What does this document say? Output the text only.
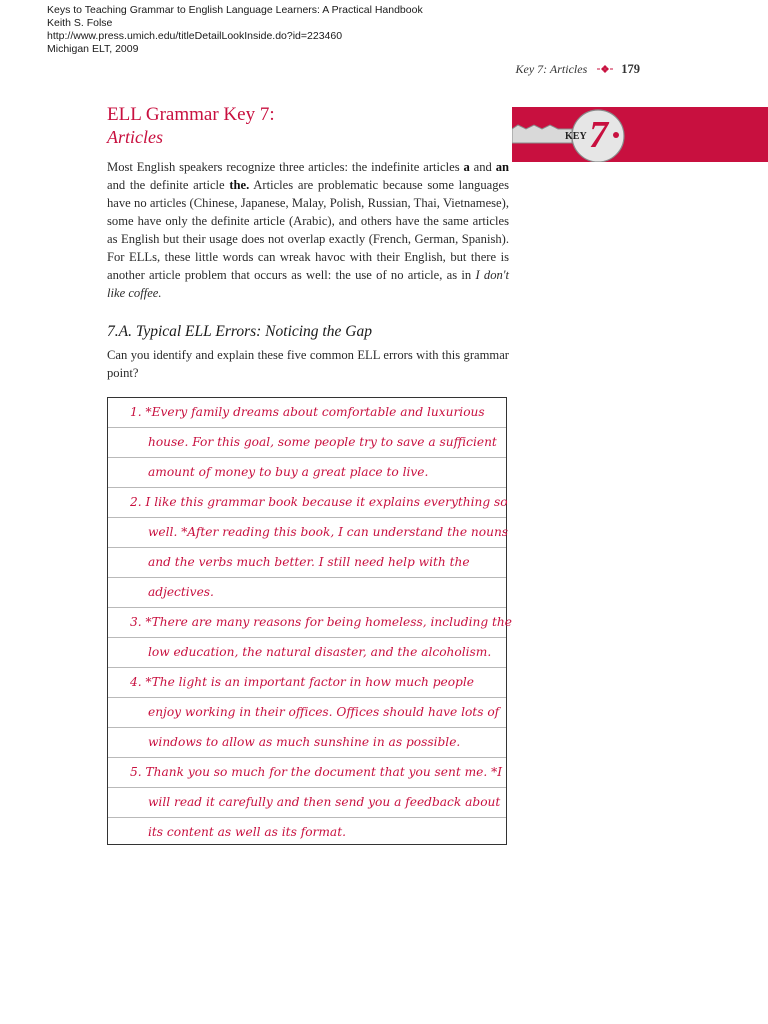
Keys to Teaching Grammar to English Language Learners: A Practical Handbook
Keith S. Folse
http://www.press.umich.edu/titleDetailLookInside.do?id=223460
Michigan ELT, 2009
Key 7: Articles	179
KEY 7
ELL Grammar Key 7:
Articles
Most English speakers recognize three articles: the indefinite articles a and an and the definite article the. Articles are problematic because some languages have no articles (Chinese, Japanese, Malay, Polish, Russian, Thai, Vietnamese), some have only the definite article (Arabic), and others have the same articles as English but their usage does not overlap exactly (French, German, Spanish). For ELLs, these little words can wreak havoc with their English, but there is another article problem that occurs as well: the use of no article, as in I don't like coffee.
7.A. Typical ELL Errors: Noticing the Gap
Can you identify and explain these five common ELL errors with this grammar point?
1. *Every family dreams about comfortable and luxurious
house. For this goal, some people try to save a sufficient
amount of money to buy a great place to live.
2. I like this grammar book because it explains everything so
well. *After reading this book, I can understand the nouns
and the verbs much better. I still need help with the
adjectives.
3. *There are many reasons for being homeless, including the
low education, the natural disaster, and the alcoholism.
4. *The light is an important factor in how much people
enjoy working in their offices. Offices should have lots of
windows to allow as much sunshine in as possible.
5. Thank you so much for the document that you sent me. *I
will read it carefully and then send you a feedback about
its content as well as its format.
